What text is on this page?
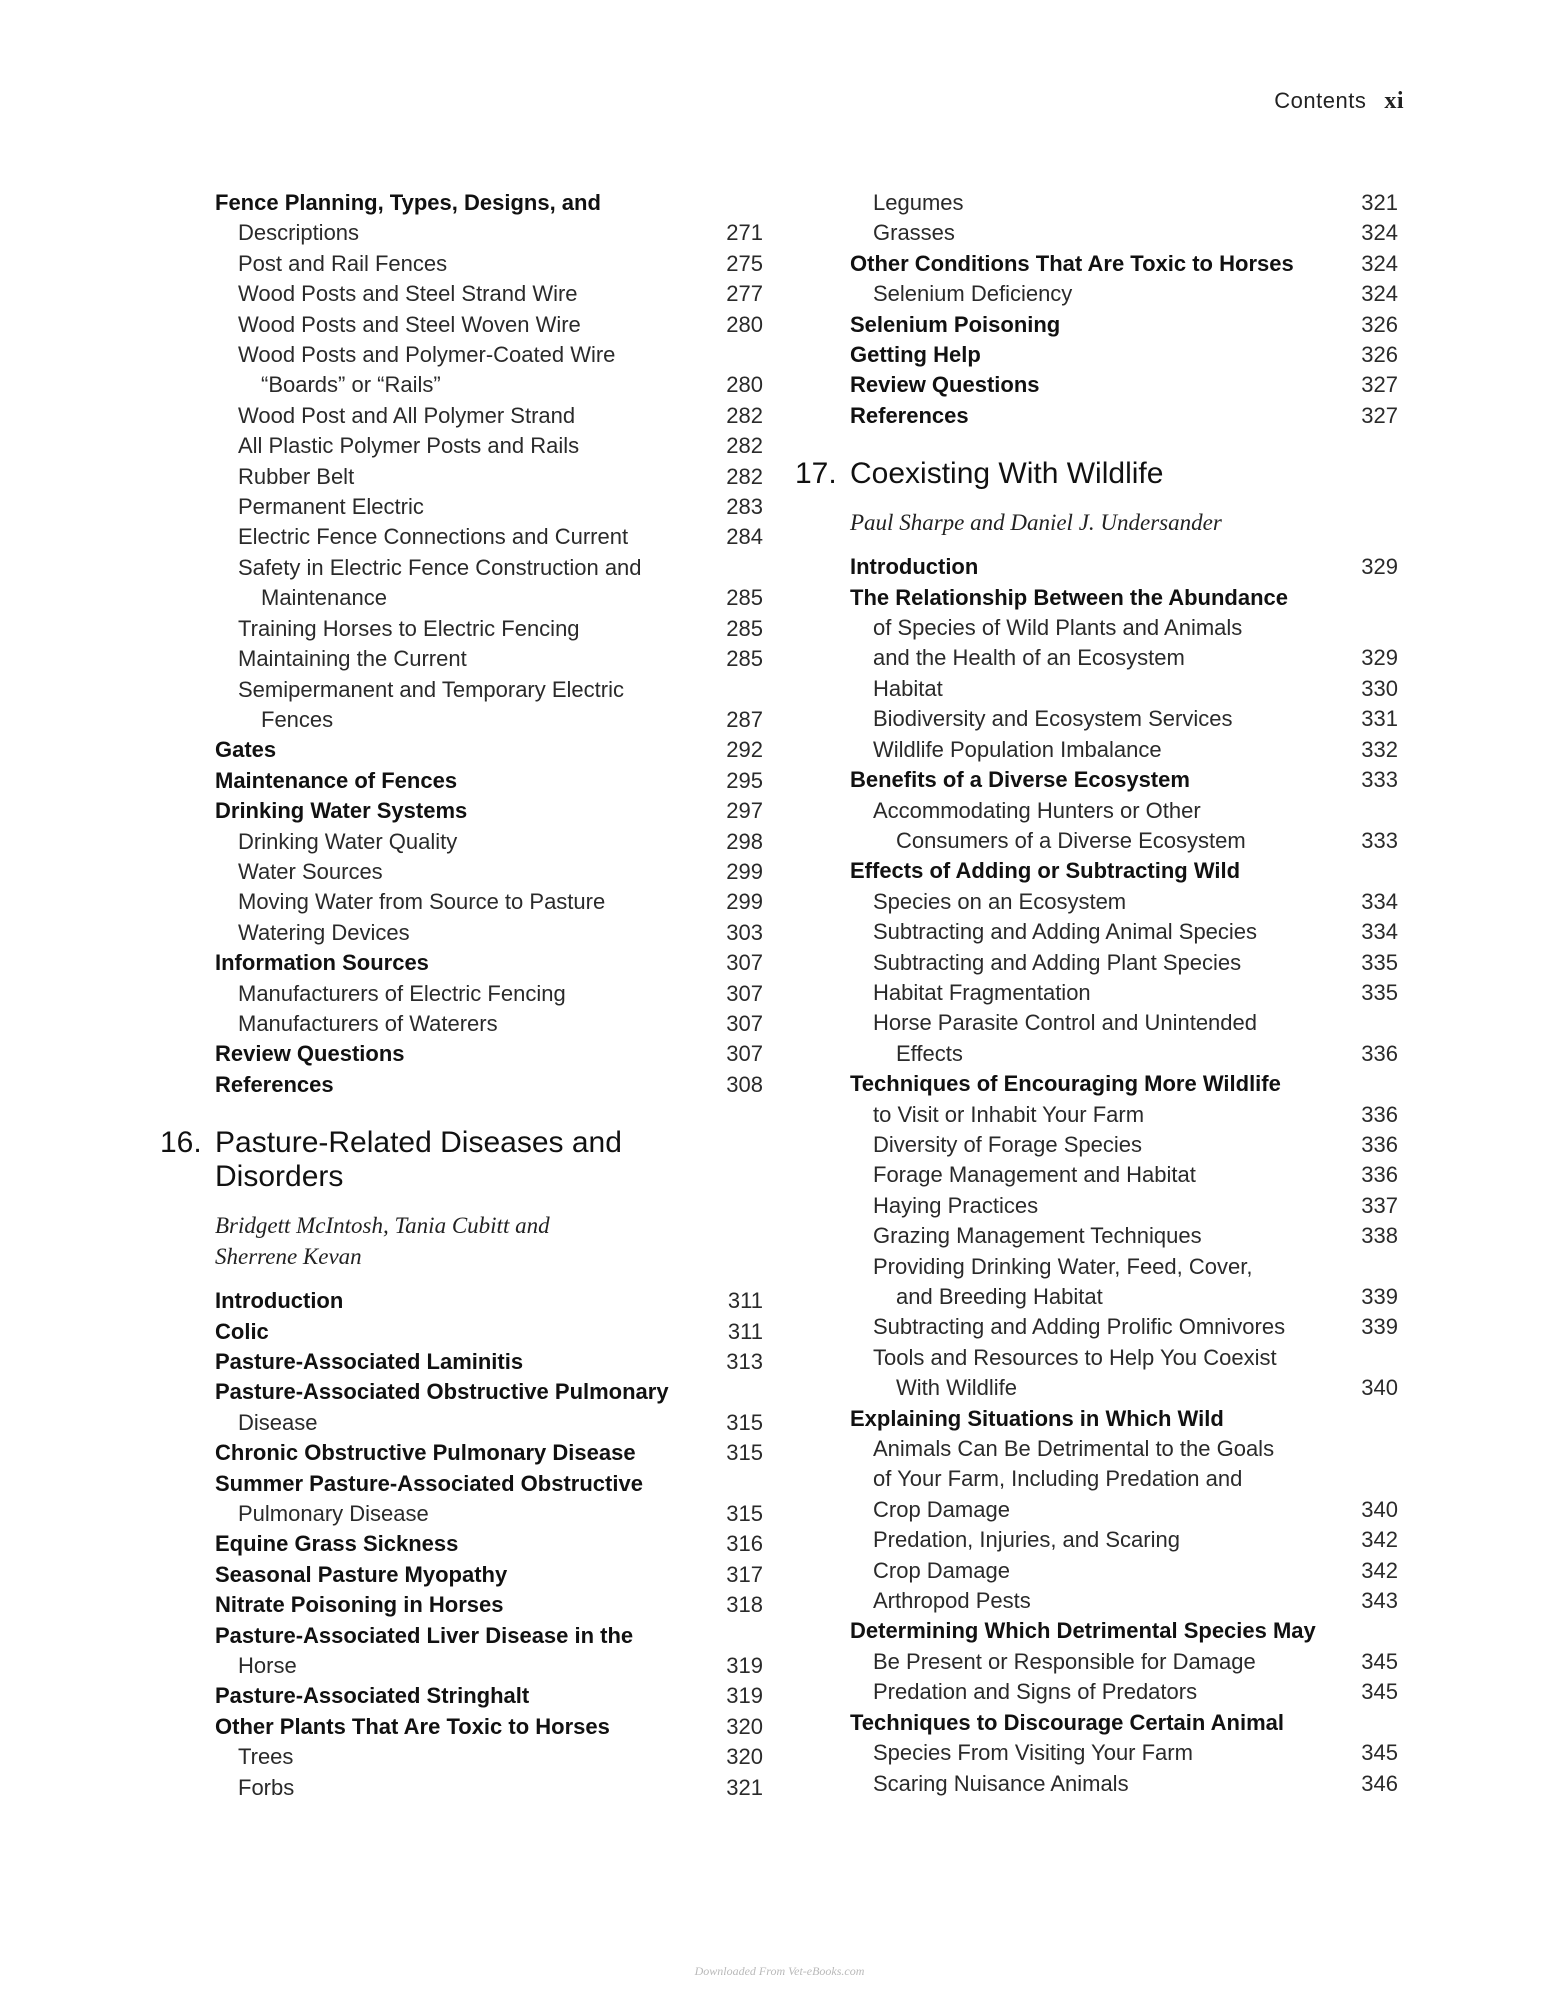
Contents xi
Fence Planning, Types, Designs, and
Descriptions	271
Post and Rail Fences	275
Wood Posts and Steel Strand Wire	277
Wood Posts and Steel Woven Wire	280
Wood Posts and Polymer-Coated Wire
“Boards” or “Rails”	280
Wood Post and All Polymer Strand	282
All Plastic Polymer Posts and Rails	282
Rubber Belt	282
Permanent Electric	283
Electric Fence Connections and Current	284
Safety in Electric Fence Construction and
Maintenance	285
Training Horses to Electric Fencing	285
Maintaining the Current	285
Semipermanent and Temporary Electric
Fences	287
Gates	292
Maintenance of Fences	295
Drinking Water Systems	297
Drinking Water Quality	298
Water Sources	299
Moving Water from Source to Pasture	299
Watering Devices	303
Information Sources	307
Manufacturers of Electric Fencing	307
Manufacturers of Waterers	307
Review Questions	307
References	308
16. Pasture-Related Diseases and
Disorders
Bridgett McIntosh, Tania Cubitt and
Sherrene Kevan
Introduction	311
Colic	311
Pasture-Associated Laminitis	313
Pasture-Associated Obstructive Pulmonary
Disease	315
Chronic Obstructive Pulmonary Disease	315
Summer Pasture-Associated Obstructive
Pulmonary Disease	315
Equine Grass Sickness	316
Seasonal Pasture Myopathy	317
Nitrate Poisoning in Horses	318
Pasture-Associated Liver Disease in the
Horse	319
Pasture-Associated Stringhalt	319
Other Plants That Are Toxic to Horses	320
Trees	320
Forbs	321
Legumes	321
Grasses	324
Other Conditions That Are Toxic to Horses	324
Selenium Deficiency	324
Selenium Poisoning	326
Getting Help	326
Review Questions	327
References	327
17. Coexisting With Wildlife
Paul Sharpe and Daniel J. Undersander
Introduction	329
The Relationship Between the Abundance
of Species of Wild Plants and Animals
and the Health of an Ecosystem	329
Habitat	330
Biodiversity and Ecosystem Services	331
Wildlife Population Imbalance	332
Benefits of a Diverse Ecosystem	333
Accommodating Hunters or Other
Consumers of a Diverse Ecosystem	333
Effects of Adding or Subtracting Wild
Species on an Ecosystem	334
Subtracting and Adding Animal Species	334
Subtracting and Adding Plant Species	335
Habitat Fragmentation	335
Horse Parasite Control and Unintended
Effects	336
Techniques of Encouraging More Wildlife
to Visit or Inhabit Your Farm	336
Diversity of Forage Species	336
Forage Management and Habitat	336
Haying Practices	337
Grazing Management Techniques	338
Providing Drinking Water, Feed, Cover,
and Breeding Habitat	339
Subtracting and Adding Prolific Omnivores	339
Tools and Resources to Help You Coexist
With Wildlife	340
Explaining Situations in Which Wild
Animals Can Be Detrimental to the Goals
of Your Farm, Including Predation and
Crop Damage	340
Predation, Injuries, and Scaring	342
Crop Damage	342
Arthropod Pests	343
Determining Which Detrimental Species May
Be Present or Responsible for Damage	345
Predation and Signs of Predators	345
Techniques to Discourage Certain Animal
Species From Visiting Your Farm	345
Scaring Nuisance Animals	346
Downloaded From Vet-eBooks.com
